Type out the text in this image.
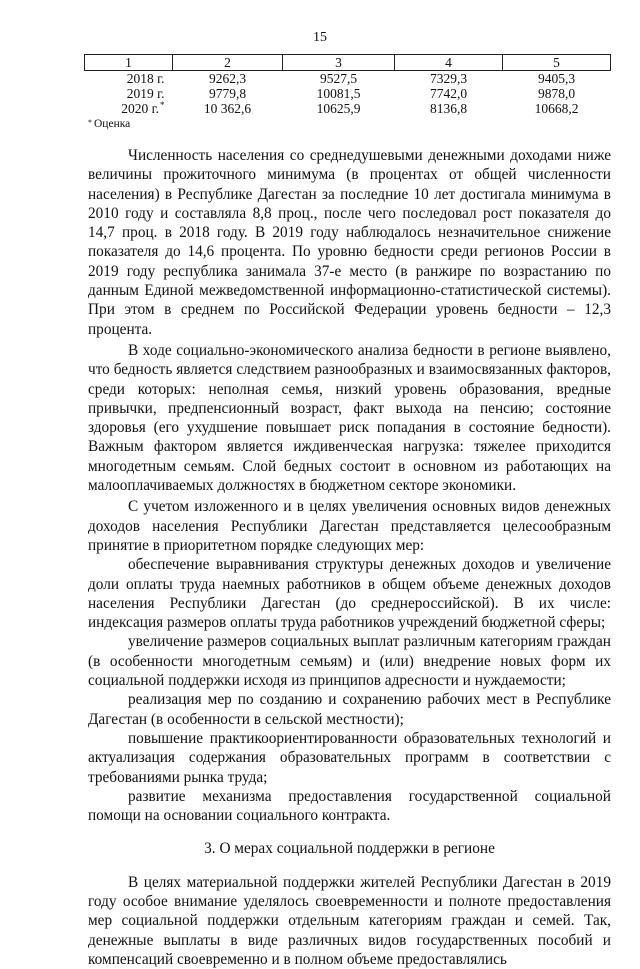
15
1	2	3	4	5
2018 г.	9262,3	9527,5	7329,3	9405,3
2019 г.	9779,8	10081,5	7742,0	9878,0
2020 г.*	10 362,6	10625,9	8136,8	10668,2
* Оценка

Численность населения со среднедушевыми денежными доходами ниже величины прожиточного минимума (в процентах от общей численности населения) в Республике Дагестан за последние 10 лет достигала минимума в 2010 году и составляла 8,8 проц., после чего последовал рост показателя до 14,7 проц. в 2018 году. В 2019 году наблюдалось незначительное снижение показателя до 14,6 процента. По уровню бедности среди регионов России в 2019 году республика занимала 37-е место (в ранжире по возрастанию по данным Единой межведомственной информационно-статистической системы). При этом в среднем по Российской Федерации уровень бедности – 12,3 процента.

В ходе социально-экономического анализа бедности в регионе выявлено, что бедность является следствием разнообразных и взаимосвязанных факторов, среди которых: неполная семья, низкий уровень образования, вредные привычки, предпенсионный возраст, факт выхода на пенсию; состояние здоровья (его ухудшение повышает риск попадания в состояние бедности). Важным фактором является иждивенческая нагрузка: тяжелее приходится многодетным семьям. Слой бедных состоит в основном из работающих на малооплачиваемых должностях в бюджетном секторе экономики.

С учетом изложенного и в целях увеличения основных видов денежных доходов населения Республики Дагестан представляется целесообразным принятие в приоритетном порядке следующих мер:

обеспечение выравнивания структуры денежных доходов и увеличение доли оплаты труда наемных работников в общем объеме денежных доходов населения Республики Дагестан (до среднероссийской). В их числе: индексация размеров оплаты труда работников учреждений бюджетной сферы;

увеличение размеров социальных выплат различным категориям граждан (в особенности многодетным семьям) и (или) внедрение новых форм их социальной поддержки исходя из принципов адресности и нуждаемости;

реализация мер по созданию и сохранению рабочих мест в Республике Дагестан (в особенности в сельской местности);

повышение практикоориентированности образовательных технологий и актуализация содержания образовательных программ в соответствии с требованиями рынка труда;

развитие механизма предоставления государственной социальной помощи на основании социального контракта.

3. О мерах социальной поддержки в регионе

В целях материальной поддержки жителей Республики Дагестан в 2019 году особое внимание уделялось своевременности и полноте предоставления мер социальной поддержки отдельным категориям граждан и семей. Так, денежные выплаты в виде различных видов государственных пособий и компенсаций своевременно и в полном объеме предоставлялись
